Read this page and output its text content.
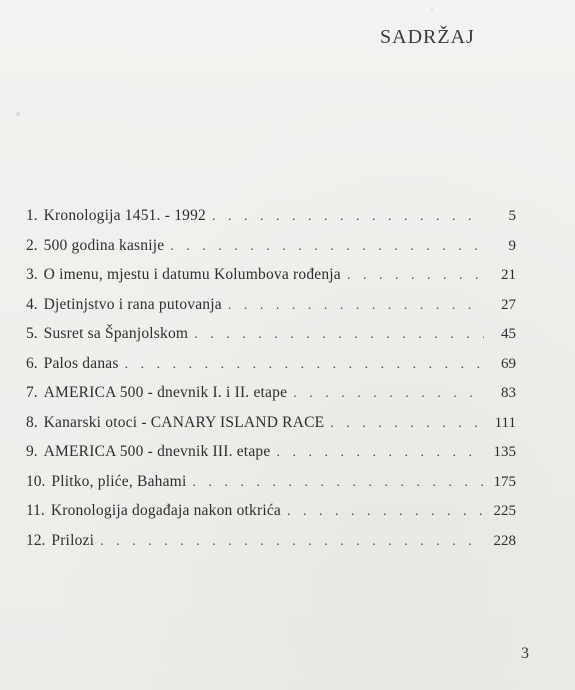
SADRŽAJ
1. Kronologija 1451. - 1992 . . .	5
2. 500 godina kasnije . . .	9
3. O imenu, mjestu i datumu Kolumbova rođenja . . .	21
4. Djetinjstvo i rana putovanja . . .	27
5. Susret sa Španjolskom . . .	45
6. Palos danas . . .	69
7. AMERICA 500 - dnevnik I. i II. etape . . .	83
8. Kanarski otoci - CANARY ISLAND RACE . . .	111
9. AMERICA 500 - dnevnik III. etape . . .	135
10. Plitko, pliće, Bahami . . .	175
11. Kronologija događaja nakon otkrića . . .	225
12. Prilozi . . .	228
3
